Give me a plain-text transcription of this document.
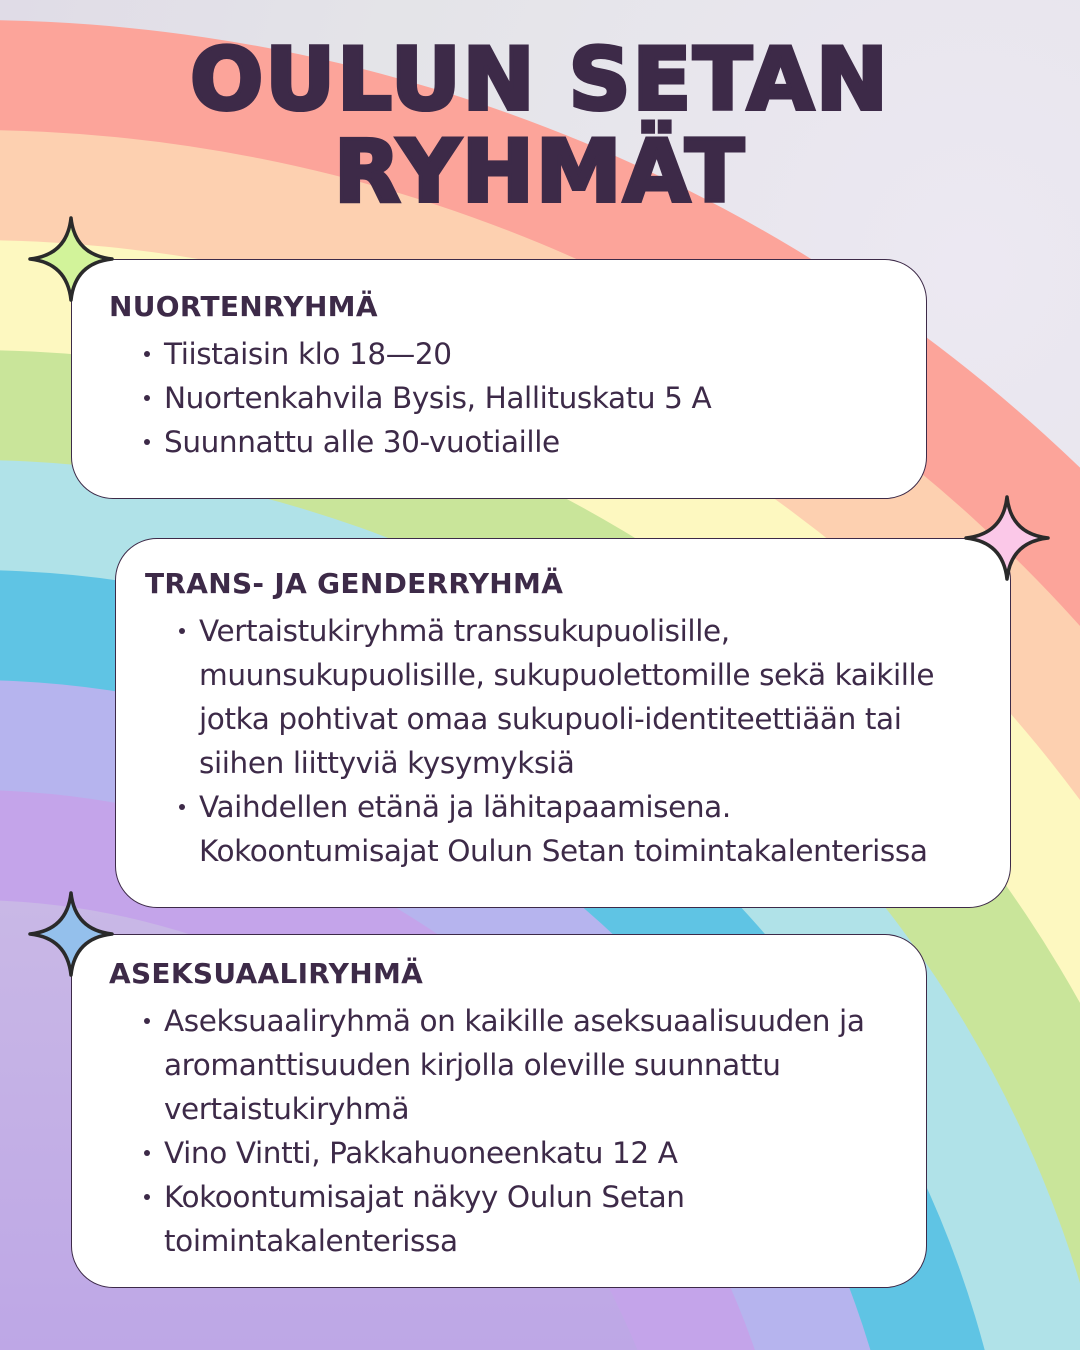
OULUN SETAN
RYHMÄT
NUORTENRYHMÄ
Tiistaisin klo 18—20
Nuortenkahvila Bysis, Hallituskatu 5 A
Suunnattu alle 30-vuotiaille
TRANS- JA GENDERRYHMÄ
Vertaistukiryhmä transsukupuolisille,
muunsukupuolisille, sukupuolettomille sekä kaikille
jotka pohtivat omaa sukupuoli-identiteettiään tai
siihen liittyviä kysymyksiä
Vaihdellen etänä ja lähitapaamisena.
Kokoontumisajat Oulun Setan toimintakalenterissa
ASEKSUAALIRYHMÄ
Aseksuaaliryhmä on kaikille aseksuaalisuuden ja
aromanttisuuden kirjolla oleville suunnattu
vertaistukiryhmä
Vino Vintti, Pakkahuoneenkatu 12 A
Kokoontumisajat näkyy Oulun Setan
toimintakalenterissa
